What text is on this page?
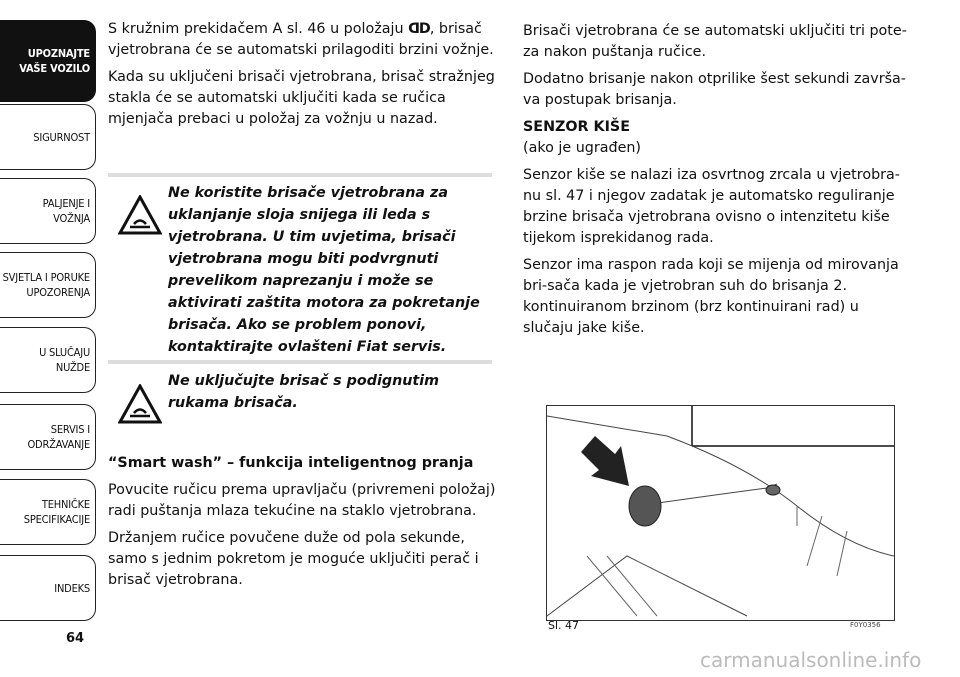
UPOZNAJTE
VAŠE VOZILO
SIGURNOST
PALJENJE I
VOŽNJA
SVJETLA I PORUKE
UPOZORENJA
U SLUČAJU
NUŽDE
SERVIS I
ODRŽAVANJE
TEHNIČKE
SPECIFIKACIJE
INDEKS
64

S kružnim prekidačem A sl. 46 u položaju ᗡD, brisač vjetrobrana će se automatski prilagoditi brzini vožnje.

Kada su uključeni brisači vjetrobrana, brisač stražnjeg stakla će se automatski uključiti kada se ručica mjenjača prebaci u položaj za vožnju u nazad.

Ne koristite brisače vjetrobrana za uklanjanje sloja snijega ili leda s vjetrobrana. U tim uvjetima, brisači vjetrobrana mogu biti podvrgnuti prevelikom naprezanju i može se aktivirati zaštita motora za pokretanje brisača. Ako se problem ponovi, kontaktirajte ovlašteni Fiat servis.
Ne uključujte brisač s podignutim rukama brisača.

“Smart wash” – funkcija inteligentnog pranja

Povucite ručicu prema upravljaču (privremeni položaj) radi puštanja mlaza tekućine na staklo vjetrobrana.

Držanjem ručice povučene duže od pola sekunde, samo s jednim pokretom je moguće uključiti perač i brisač vjetrobrana.

Brisači vjetrobrana će se automatski uključiti tri pote-za nakon puštanja ručice.

Dodatno brisanje nakon otprilike šest sekundi završa-va postupak brisanja.

SENZOR KIŠE

(ako je ugrađen)

Senzor kiše se nalazi iza osvrtnog zrcala u vjetrobra-nu sl. 47 i njegov zadatak je automatsko reguliranje brzine brisača vjetrobrana ovisno o intenzitetu kiše tijekom isprekidanog rada.

Senzor ima raspon rada koji se mijenja od mirovanja bri-sača kada je vjetrobran suh do brisanja 2. kontinuiranom brzinom (brz kontinuirani rad) u slučaju jake kiše.

Sl. 47	F0Y0356
carmanualsonline.info
